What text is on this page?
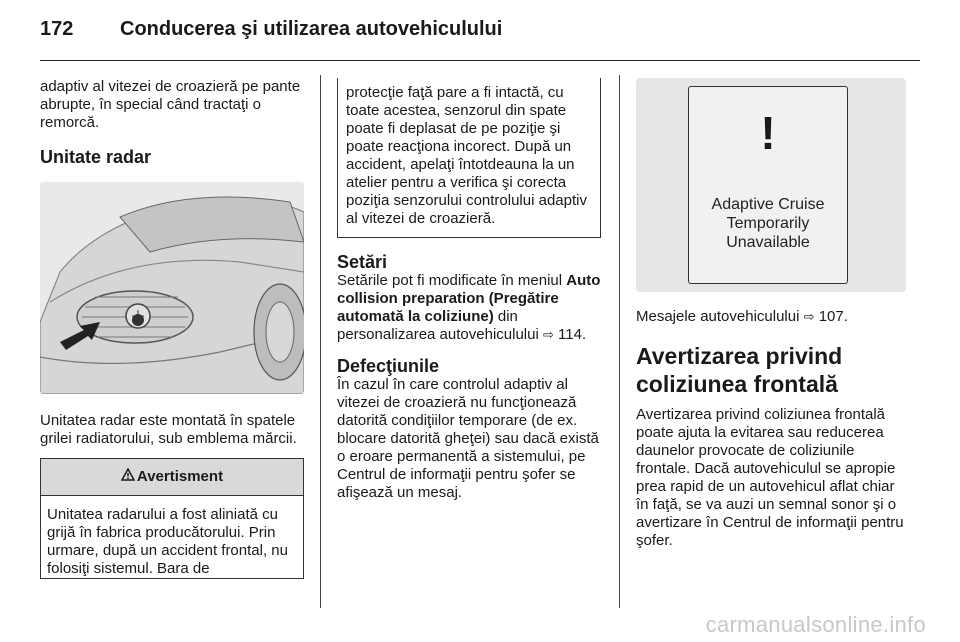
172 Conducerea şi utilizarea autovehiculului

adaptiv al vitezei de croazieră pe pante abrupte, în special când tractaţi o remorcă.

Unitate radar

Unitatea radar este montată în spatele grilei radiatorului, sub emblema mărcii.

Avertisment

Unitatea radarului a fost aliniată cu grijă în fabrica producătorului. Prin urmare, după un accident frontal, nu folosiţi sistemul. Bara de

protecţie faţă pare a fi intactă, cu toate acestea, senzorul din spate poate fi deplasat de pe poziţie şi poate reacţiona incorect. După un accident, apelaţi întotdeauna la un atelier pentru a verifica şi corecta poziţia senzorului controlului adaptiv al vitezei de croazieră.

Setări

Setările pot fi modificate în meniul Auto collision preparation (Pregătire automată la coliziune) din personalizarea autovehiculului ⇨ 114.

Defecţiunile

În cazul în care controlul adaptiv al vitezei de croazieră nu funcţionează datorită condiţiilor temporare (de ex. blocare datorită gheţei) sau dacă există o eroare permanentă a sistemului, pe Centrul de informaţii pentru şofer se afişează un mesaj.

!
Adaptive Cruise
Temporarily
Unavailable

Mesajele autovehiculului ⇨ 107.

Avertizarea privind coliziunea frontală

Avertizarea privind coliziunea frontală poate ajuta la evitarea sau reducerea daunelor provocate de coliziunile frontale. Dacă autovehiculul se apropie prea rapid de un autovehicul aflat chiar în faţă, se va auzi un semnal sonor şi o avertizare în Centrul de informaţii pentru şofer.

carmanualsonline.info
